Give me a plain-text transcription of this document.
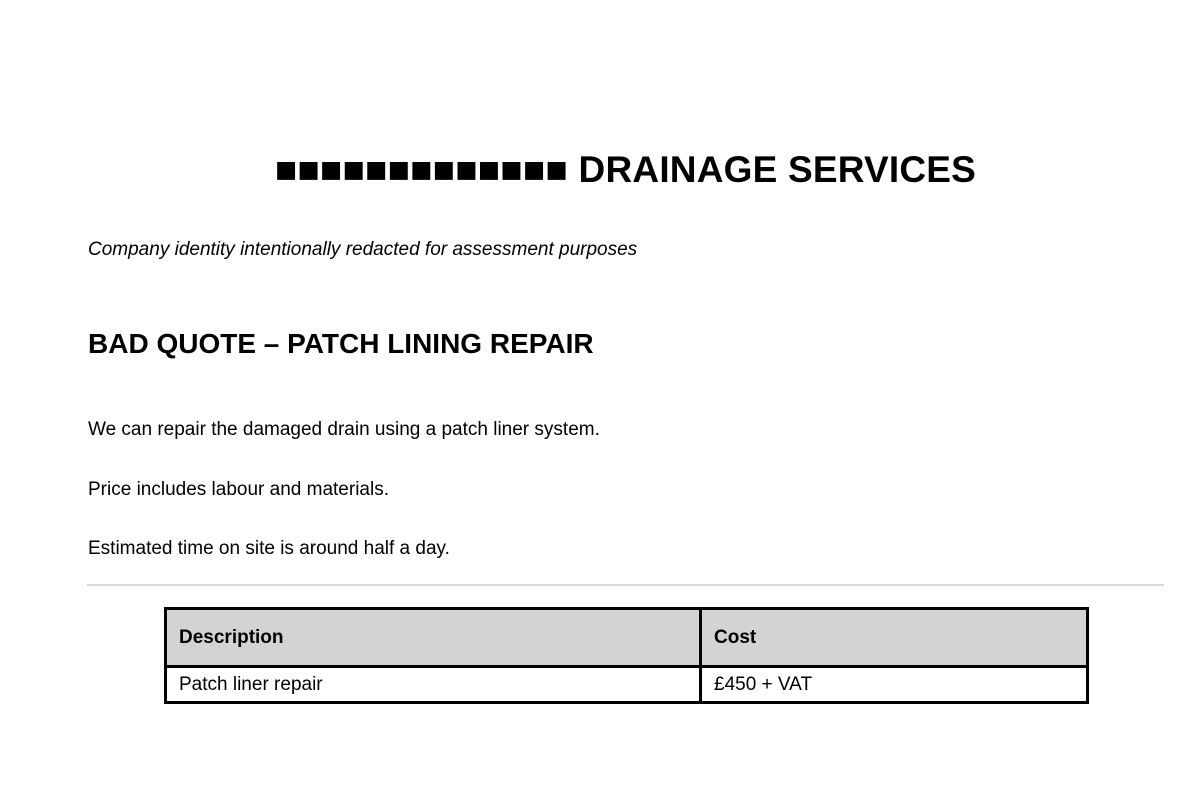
■■■■■■■■■■■■■ DRAINAGE SERVICES
Company identity intentionally redacted for assessment purposes
BAD QUOTE – PATCH LINING REPAIR
We can repair the damaged drain using a patch liner system.
Price includes labour and materials.
Estimated time on site is around half a day.
Description	Cost
Patch liner repair	£450 + VAT
